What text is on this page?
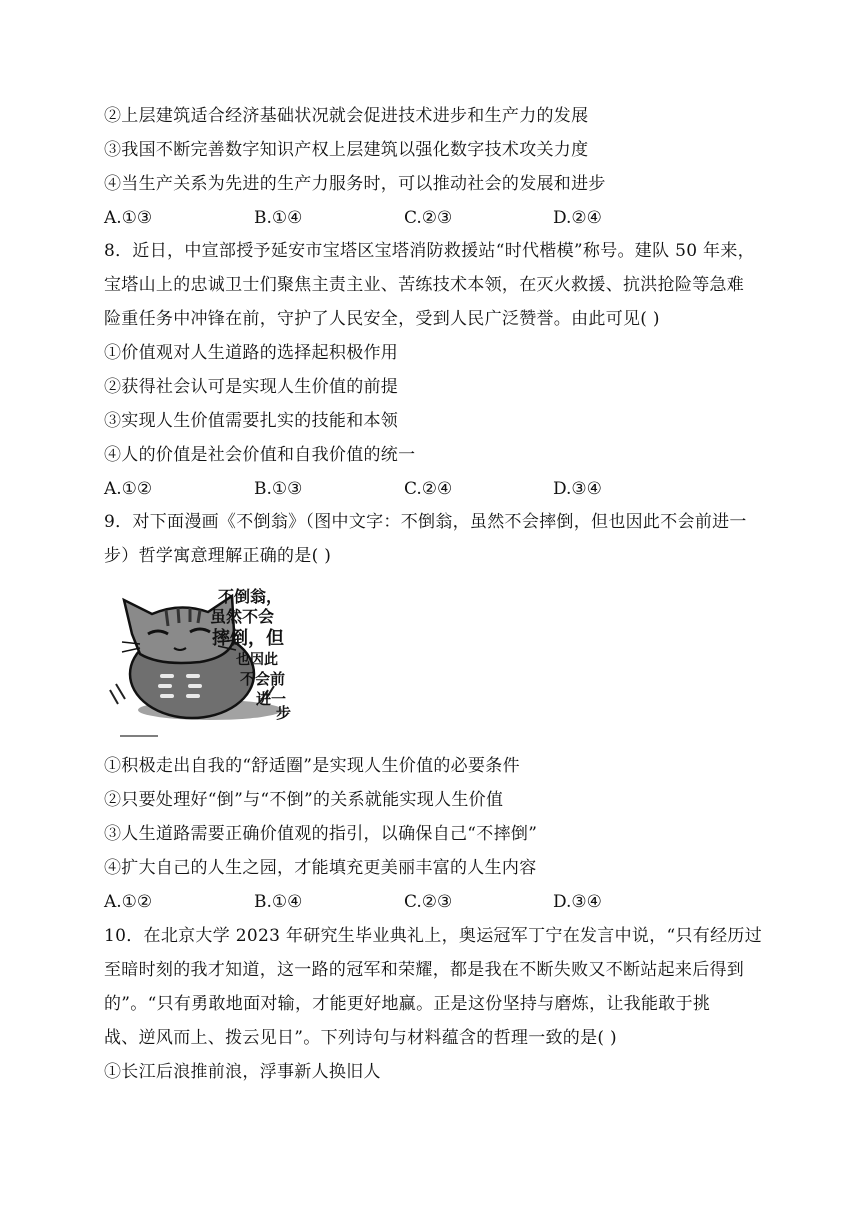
②上层建筑适合经济基础状况就会促进技术进步和生产力的发展
③我国不断完善数字知识产权上层建筑以强化数字技术攻关力度
④当生产关系为先进的生产力服务时，可以推动社会的发展和进步
A.①③	B.①④	C.②③	D.②④
8．近日，中宣部授予延安市宝塔区宝塔消防救援站“时代楷模”称号。建队 50 年来，
宝塔山上的忠诚卫士们聚焦主责主业、苦练技术本领，在灭火救援、抗洪抢险等急难
险重任务中冲锋在前，守护了人民安全，受到人民广泛赞誉。由此可见( )
①价值观对人生道路的选择起积极作用
②获得社会认可是实现人生价值的前提
③实现人生价值需要扎实的技能和本领
④人的价值是社会价值和自我价值的统一
A.①②	B.①③	C.②④	D.③④
9．对下面漫画《不倒翁》（图中文字：不倒翁，虽然不会摔倒，但也因此不会前进一
步）哲学寓意理解正确的是( )
不倒翁，
虽然不会
摔倒，但
也因此
不会前
进一
步
①积极走出自我的“舒适圈”是实现人生价值的必要条件
②只要处理好“倒”与“不倒”的关系就能实现人生价值
③人生道路需要正确价值观的指引，以确保自己“不摔倒”
④扩大自己的人生之园，才能填充更美丽丰富的人生内容
A.①②	B.①④	C.②③	D.③④
10．在北京大学 2023 年研究生毕业典礼上，奥运冠军丁宁在发言中说，“只有经历过
至暗时刻的我才知道，这一路的冠军和荣耀，都是我在不断失败又不断站起来后得到
的”。“只有勇敢地面对输，才能更好地赢。正是这份坚持与磨炼，让我能敢于挑
战、逆风而上、拨云见日”。下列诗句与材料蕴含的哲理一致的是( )
①长江后浪推前浪，浮事新人换旧人
